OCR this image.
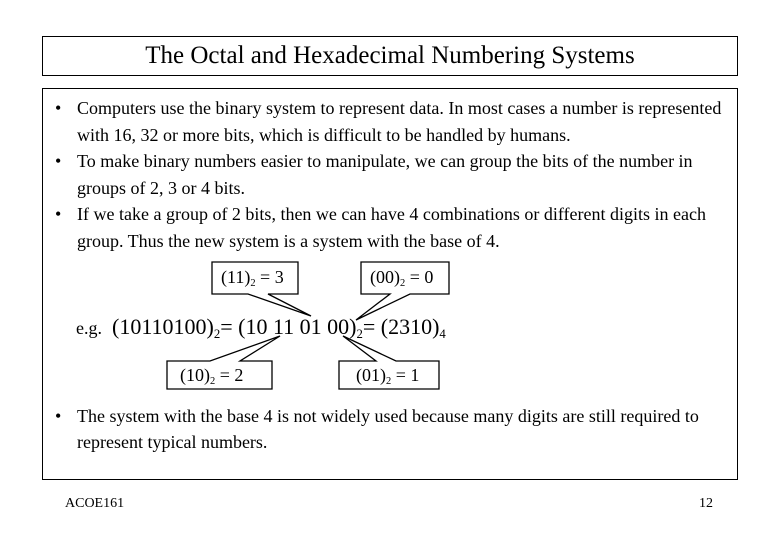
The Octal and Hexadecimal Numbering Systems
• Computers use the binary system to represent data. In most cases a number is represented with 16, 32 or more bits, which is difficult to be handled by humans.
• To make binary numbers easier to manipulate, we can group the bits of the number in groups of 2, 3 or 4 bits.
• If we take a group of 2 bits, then we can have 4 combinations or different digits in each group. Thus the new system is a system with the base of 4.
e.g. $(10110100)_2= (10$ 11 01 $00)_2= (2310)_4$
• The system with the base 4 is not widely used because many digits are still required to represent typical numbers.
$(11)_2 = 3$	$(00)_2 = 0$
$(10)_2 = 2$	$(01)_2 = 1$
ACOE161	12
